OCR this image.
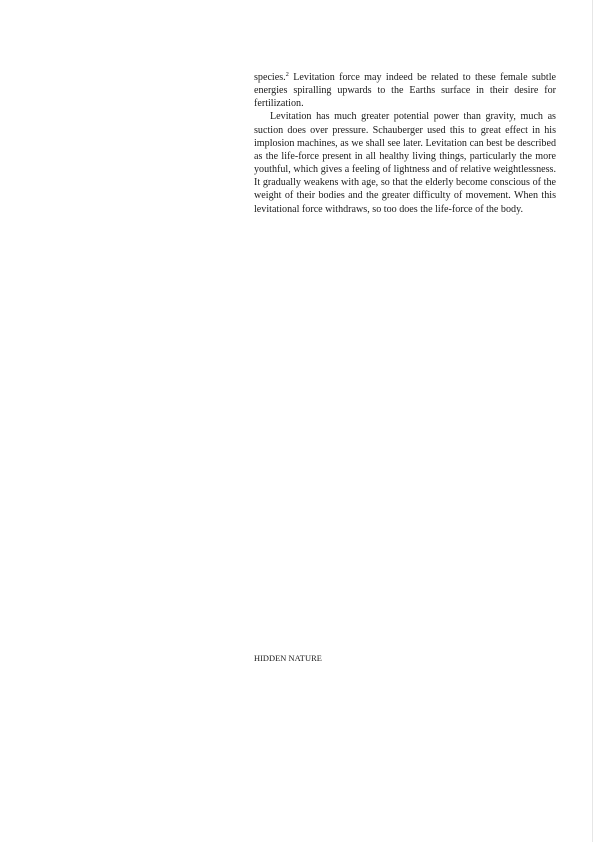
species.$^2$ Levitation force may indeed be related to these female subtle energies spiralling upwards to the Earths surface in their desire for fertilization.

Levitation has much greater potential power than gravity, much as suction does over pressure. Schauberger used this to great effect in his implosion machines, as we shall see later. Levitation can best be described as the life-force present in all healthy living things, particularly the more youthful, which gives a feeling of lightness and of relative weightlessness. It gradually weakens with age, so that the elderly become conscious of the weight of their bodies and the greater difficulty of movement. When this levitational force withdraws, so too does the life-force of the body.

HIDDEN NATURE
